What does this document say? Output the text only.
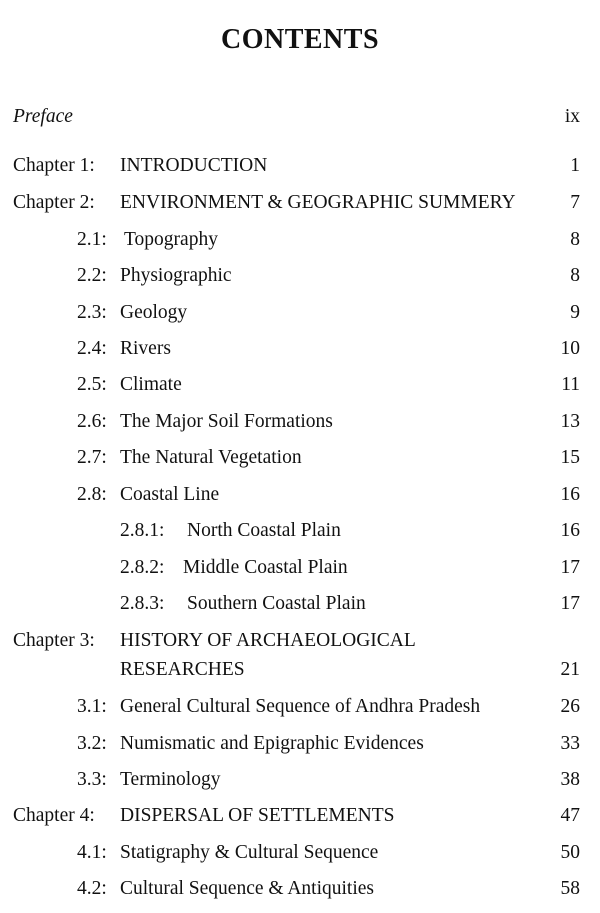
CONTENTS
Preface	ix
Chapter 1: INTRODUCTION	1
Chapter 2: ENVIRONMENT & GEOGRAPHIC SUMMERY	7
2.1: Topography	8
2.2: Physiographic	8
2.3: Geology	9
2.4: Rivers	10
2.5: Climate	11
2.6: The Major Soil Formations	13
2.7: The Natural Vegetation	15
2.8: Coastal Line	16
2.8.1: North Coastal Plain	16
2.8.2: Middle Coastal Plain	17
2.8.3: Southern Coastal Plain	17
Chapter 3: HISTORY OF ARCHAEOLOGICAL
RESEARCHES	21
3.1: General Cultural Sequence of Andhra Pradesh	26
3.2: Numismatic and Epigraphic Evidences	33
3.3: Terminology	38
Chapter 4: DISPERSAL OF SETTLEMENTS	47
4.1: Statigraphy & Cultural Sequence	50
4.2: Cultural Sequence & Antiquities	58
